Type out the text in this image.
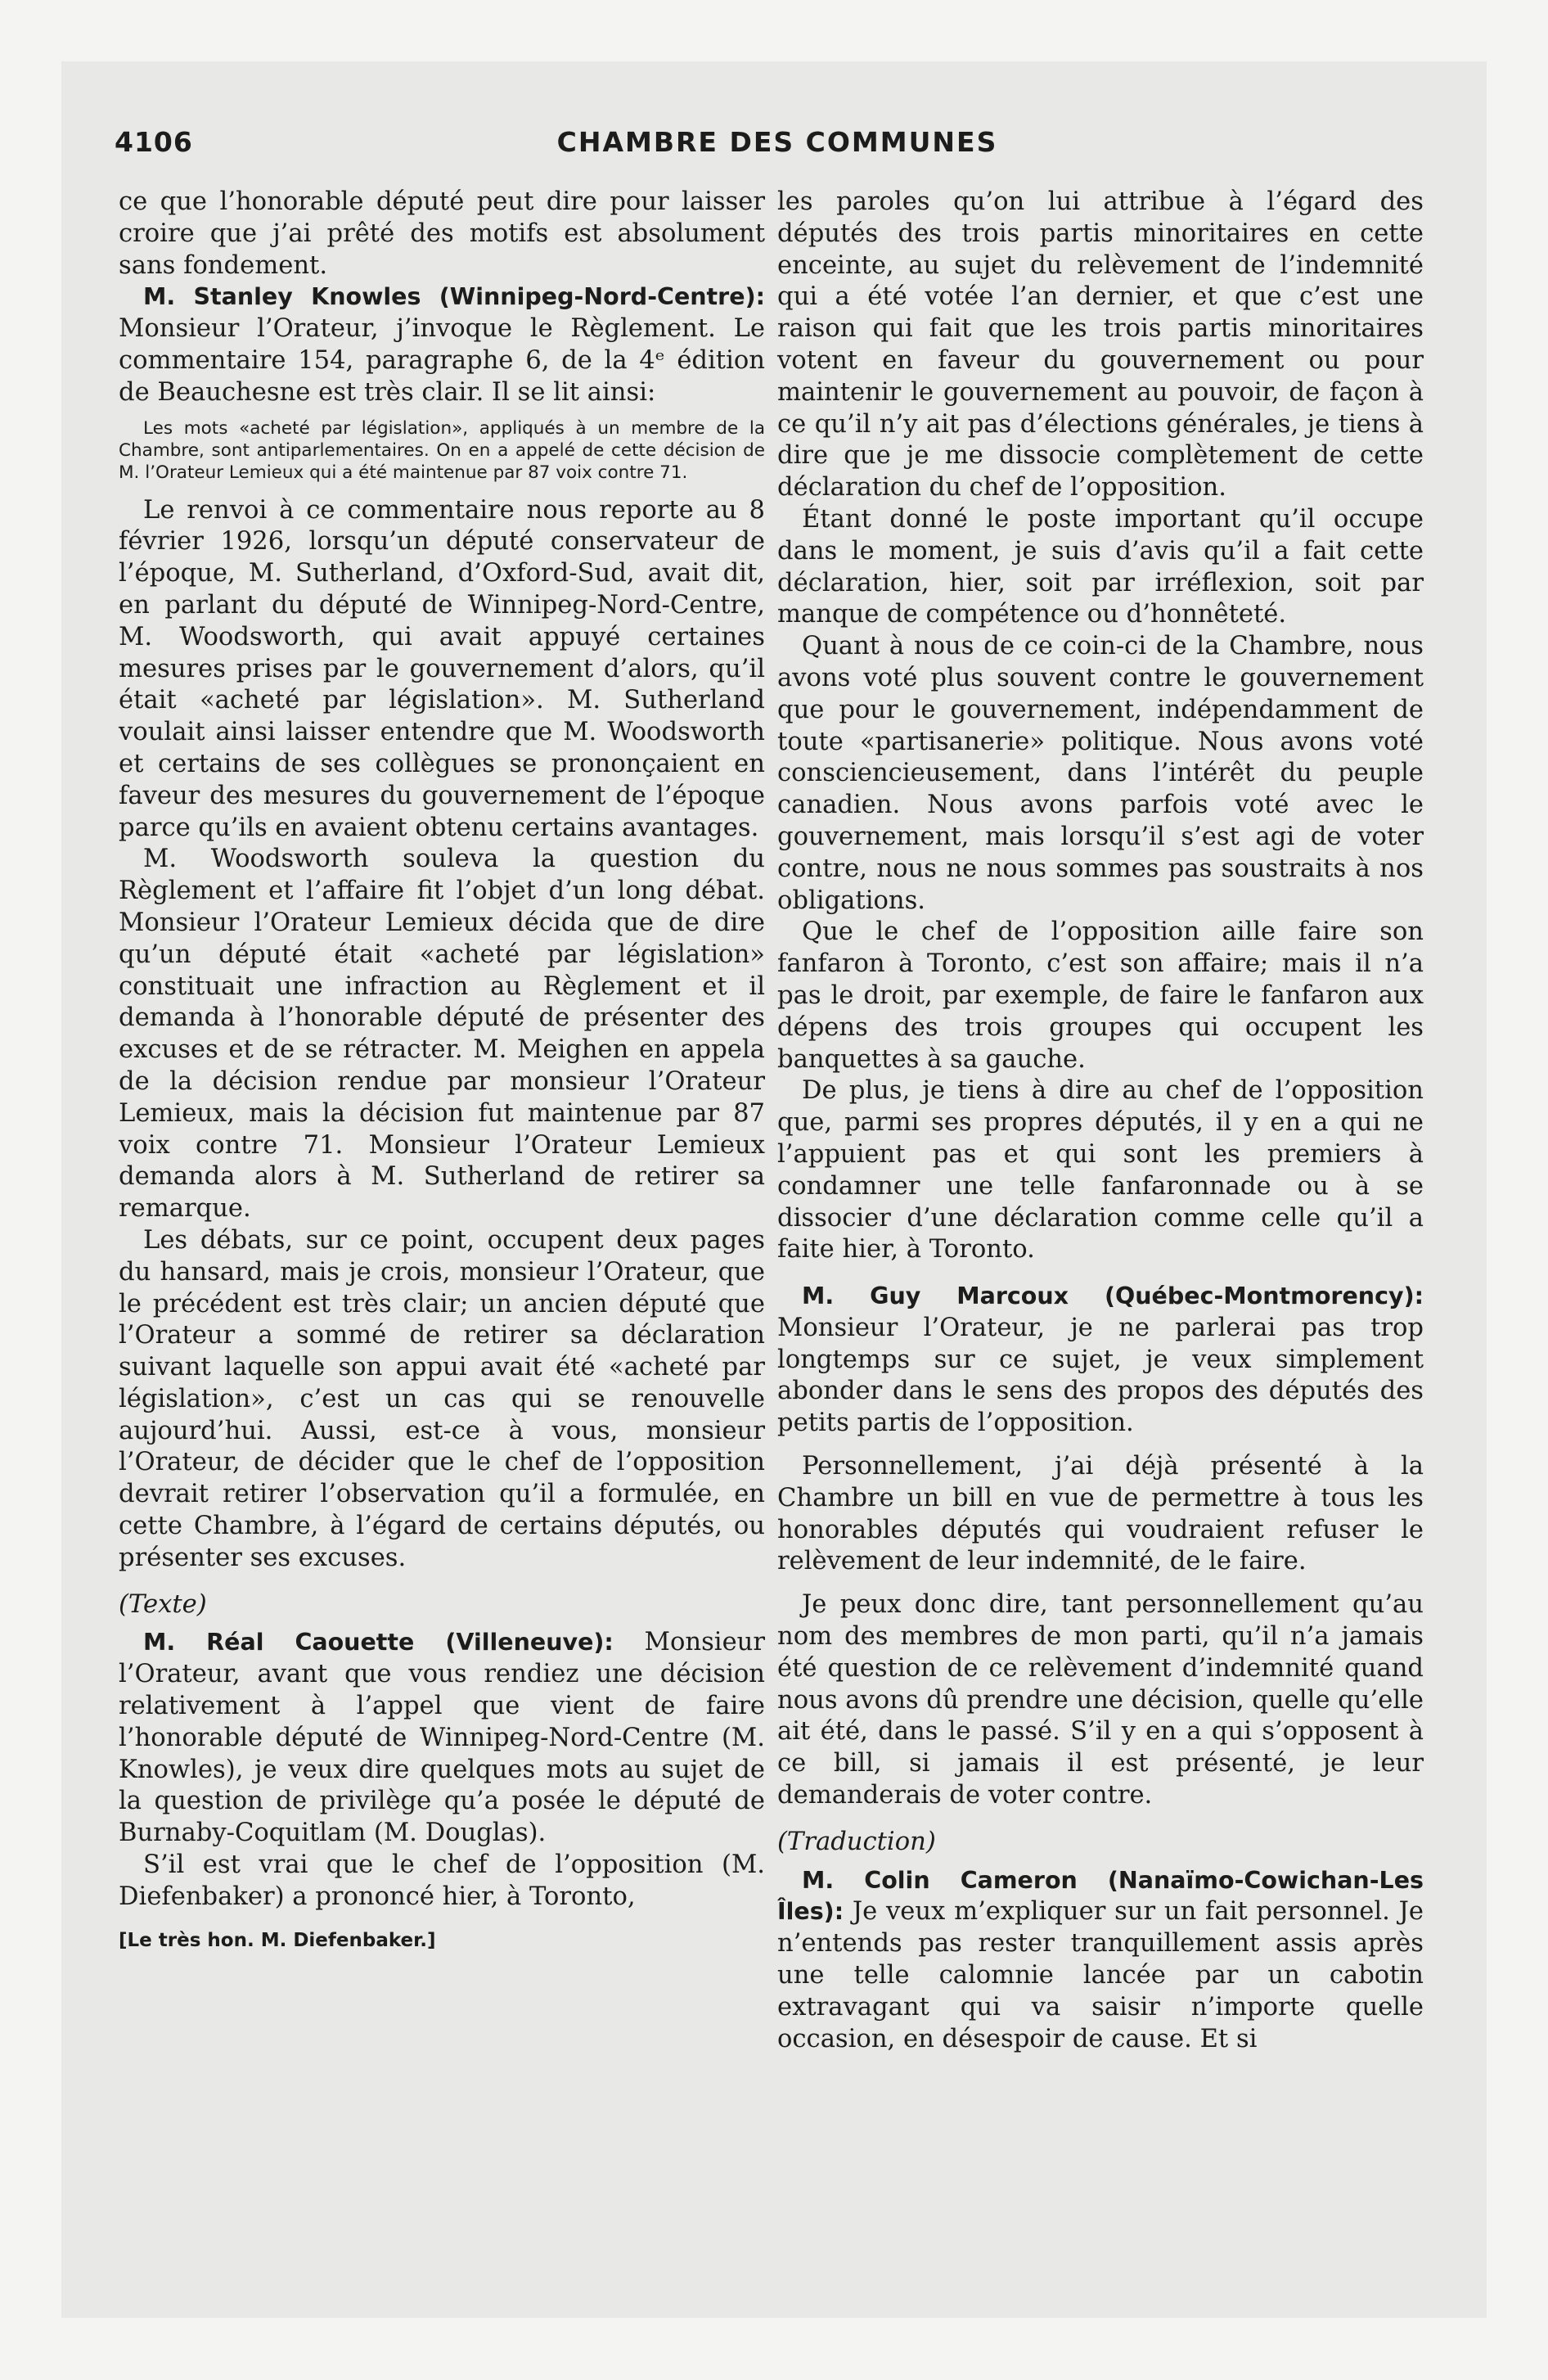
4106	CHAMBRE DES COMMUNES

ce que l’honorable député peut dire pour laisser croire que j’ai prêté des motifs est absolument sans fondement.

M. Stanley Knowles (Winnipeg-Nord-Centre): Monsieur l’Orateur, j’invoque le Règlement. Le commentaire 154, paragraphe 6, de la 4ᵉ édition de Beauchesne est très clair. Il se lit ainsi:

Les mots «acheté par législation», appliqués à un membre de la Chambre, sont antiparlementaires. On en a appelé de cette décision de M. l’Orateur Lemieux qui a été maintenue par 87 voix contre 71.

Le renvoi à ce commentaire nous reporte au 8 février 1926, lorsqu’un député conservateur de l’époque, M. Sutherland, d’Oxford-Sud, avait dit, en parlant du député de Winnipeg-Nord-Centre, M. Woodsworth, qui avait appuyé certaines mesures prises par le gouvernement d’alors, qu’il était «acheté par législation». M. Sutherland voulait ainsi laisser entendre que M. Woodsworth et certains de ses collègues se prononçaient en faveur des mesures du gouvernement de l’époque parce qu’ils en avaient obtenu certains avantages.

M. Woodsworth souleva la question du Règlement et l’affaire fit l’objet d’un long débat. Monsieur l’Orateur Lemieux décida que de dire qu’un député était «acheté par législation» constituait une infraction au Règlement et il demanda à l’honorable député de présenter des excuses et de se rétracter. M. Meighen en appela de la décision rendue par monsieur l’Orateur Lemieux, mais la décision fut maintenue par 87 voix contre 71. Monsieur l’Orateur Lemieux demanda alors à M. Sutherland de retirer sa remarque.

Les débats, sur ce point, occupent deux pages du hansard, mais je crois, monsieur l’Orateur, que le précédent est très clair; un ancien député que l’Orateur a sommé de retirer sa déclaration suivant laquelle son appui avait été «acheté par législation», c’est un cas qui se renouvelle aujourd’hui. Aussi, est-ce à vous, monsieur l’Orateur, de décider que le chef de l’opposition devrait retirer l’observation qu’il a formulée, en cette Chambre, à l’égard de certains députés, ou présenter ses excuses.

(Texte)

M. Réal Caouette (Villeneuve): Monsieur l’Orateur, avant que vous rendiez une décision relativement à l’appel que vient de faire l’honorable député de Winnipeg-Nord-Centre (M. Knowles), je veux dire quelques mots au sujet de la question de privilège qu’a posée le député de Burnaby-Coquitlam (M. Douglas).

S’il est vrai que le chef de l’opposition (M. Diefenbaker) a prononcé hier, à Toronto,

[Le très hon. M. Diefenbaker.]

les paroles qu’on lui attribue à l’égard des députés des trois partis minoritaires en cette enceinte, au sujet du relèvement de l’indemnité qui a été votée l’an dernier, et que c’est une raison qui fait que les trois partis minoritaires votent en faveur du gouvernement ou pour maintenir le gouvernement au pouvoir, de façon à ce qu’il n’y ait pas d’élections générales, je tiens à dire que je me dissocie complètement de cette déclaration du chef de l’opposition.

Étant donné le poste important qu’il occupe dans le moment, je suis d’avis qu’il a fait cette déclaration, hier, soit par irréflexion, soit par manque de compétence ou d’honnêteté.

Quant à nous de ce coin-ci de la Chambre, nous avons voté plus souvent contre le gouvernement que pour le gouvernement, indépendamment de toute «partisanerie» politique. Nous avons voté consciencieusement, dans l’intérêt du peuple canadien. Nous avons parfois voté avec le gouvernement, mais lorsqu’il s’est agi de voter contre, nous ne nous sommes pas soustraits à nos obligations.

Que le chef de l’opposition aille faire son fanfaron à Toronto, c’est son affaire; mais il n’a pas le droit, par exemple, de faire le fanfaron aux dépens des trois groupes qui occupent les banquettes à sa gauche.

De plus, je tiens à dire au chef de l’opposition que, parmi ses propres députés, il y en a qui ne l’appuient pas et qui sont les premiers à condamner une telle fanfaronnade ou à se dissocier d’une déclaration comme celle qu’il a faite hier, à Toronto.

M. Guy Marcoux (Québec-Montmorency): Monsieur l’Orateur, je ne parlerai pas trop longtemps sur ce sujet, je veux simplement abonder dans le sens des propos des députés des petits partis de l’opposition.

Personnellement, j’ai déjà présenté à la Chambre un bill en vue de permettre à tous les honorables députés qui voudraient refuser le relèvement de leur indemnité, de le faire.

Je peux donc dire, tant personnellement qu’au nom des membres de mon parti, qu’il n’a jamais été question de ce relèvement d’indemnité quand nous avons dû prendre une décision, quelle qu’elle ait été, dans le passé. S’il y en a qui s’opposent à ce bill, si jamais il est présenté, je leur demanderais de voter contre.

(Traduction)

M. Colin Cameron (Nanaïmo-Cowichan-Les Îles): Je veux m’expliquer sur un fait personnel. Je n’entends pas rester tranquillement assis après une telle calomnie lancée par un cabotin extravagant qui va saisir n’importe quelle occasion, en désespoir de cause. Et si
